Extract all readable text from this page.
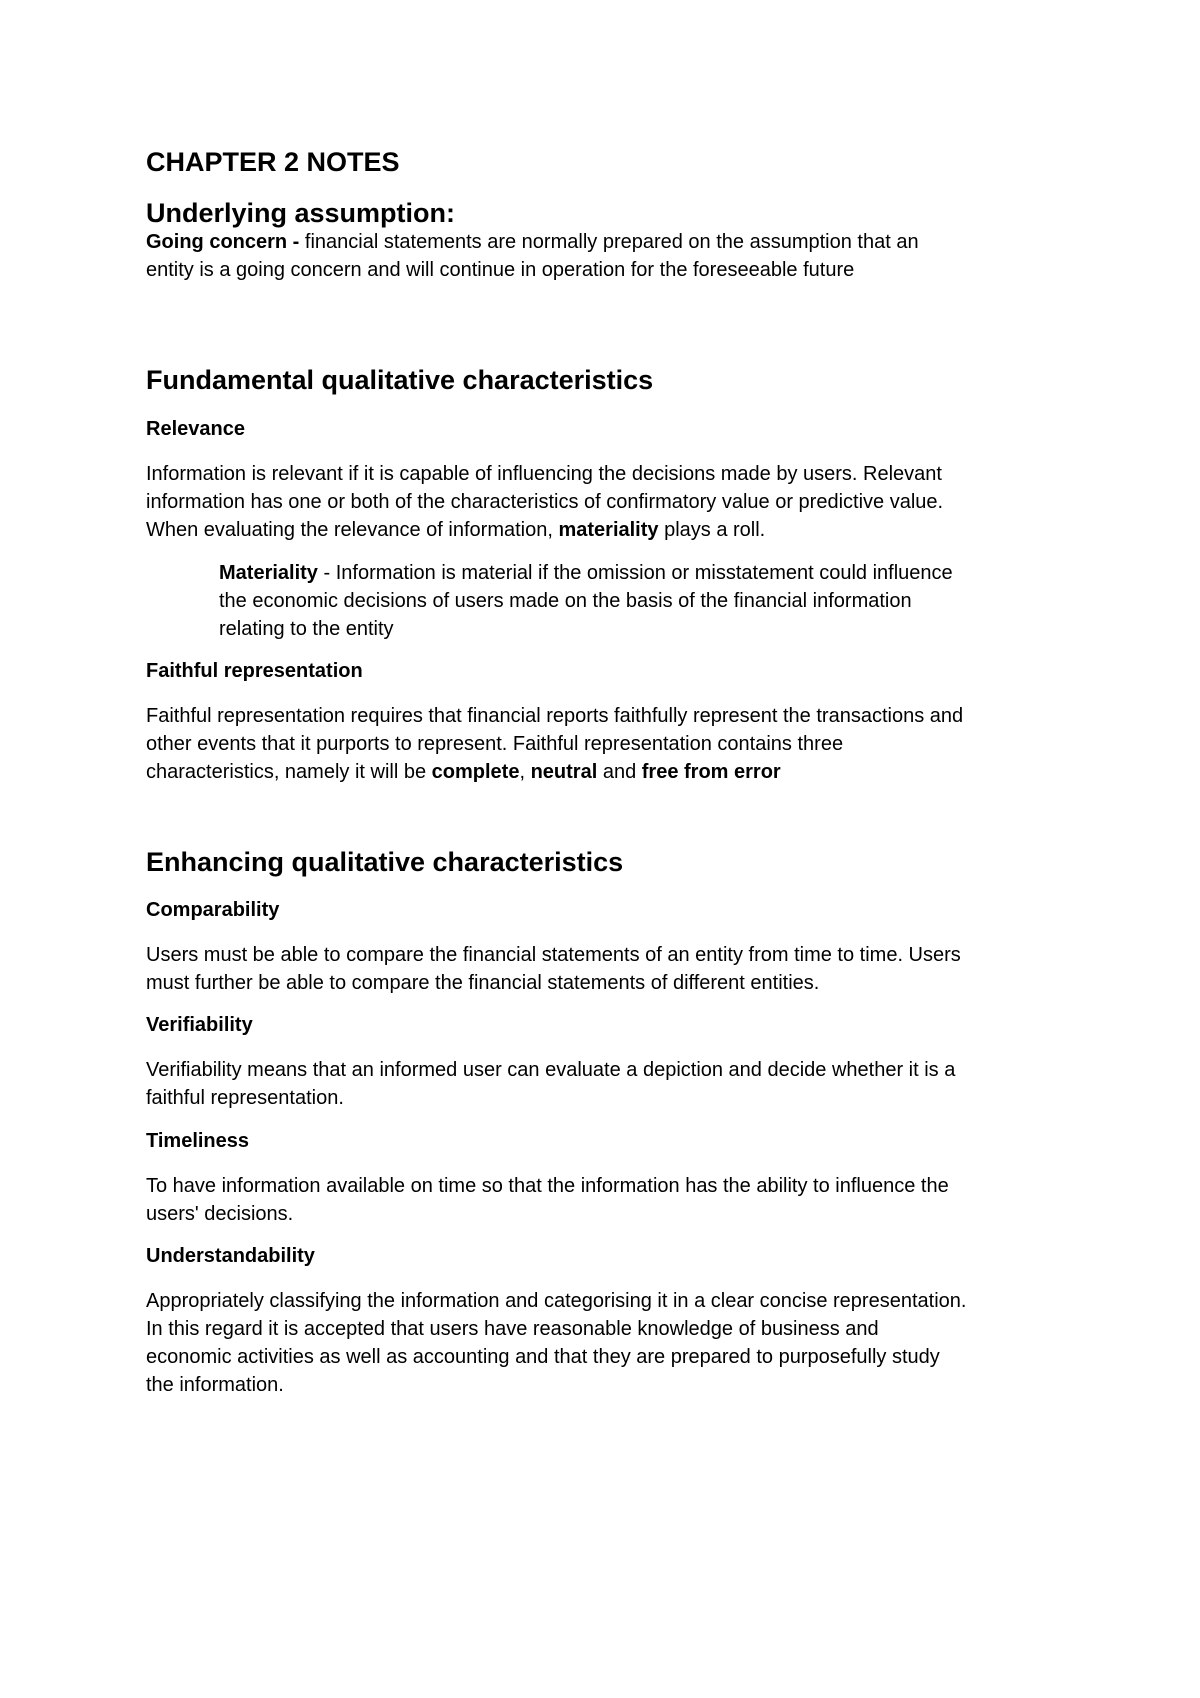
CHAPTER 2 NOTES
Underlying assumption:
Going concern - financial statements are normally prepared on the assumption that an
entity is a going concern and will continue in operation for the foreseeable future
Fundamental qualitative characteristics
Relevance
Information is relevant if it is capable of influencing the decisions made by users. Relevant
information has one or both of the characteristics of confirmatory value or predictive value.
When evaluating the relevance of information, materiality plays a roll.
Materiality - Information is material if the omission or misstatement could influence
the economic decisions of users made on the basis of the financial information
relating to the entity
Faithful representation
Faithful representation requires that financial reports faithfully represent the transactions and
other events that it purports to represent. Faithful representation contains three
characteristics, namely it will be complete, neutral and free from error
Enhancing qualitative characteristics
Comparability
Users must be able to compare the financial statements of an entity from time to time. Users
must further be able to compare the financial statements of different entities.
Verifiability
Verifiability means that an informed user can evaluate a depiction and decide whether it is a
faithful representation.
Timeliness
To have information available on time so that the information has the ability to influence the
users' decisions.
Understandability
Appropriately classifying the information and categorising it in a clear concise representation.
In this regard it is accepted that users have reasonable knowledge of business and
economic activities as well as accounting and that they are prepared to purposefully study
the information.
